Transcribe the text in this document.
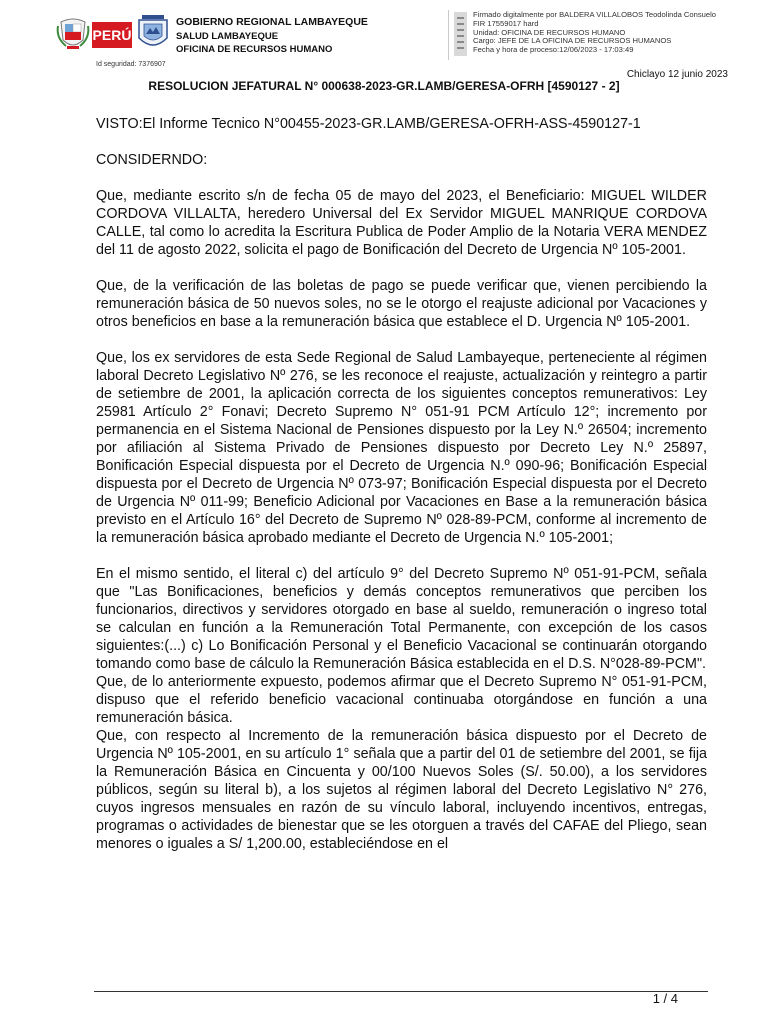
PERÚ
GOBIERNO REGIONAL LAMBAYEQUE
SALUD LAMBAYEQUE
OFICINA DE RECURSOS HUMANO
Firmado digitalmente por BALDERA VILLALOBOS Teodolinda Consuelo
FIR 17559017 hard
Unidad: OFICINA DE RECURSOS HUMANO
Cargo: JEFE DE LA OFICINA DE RECURSOS HUMANOS
Fecha y hora de proceso:12/06/2023 - 17:03:49
Id seguridad: 7376907
Chiclayo 12 junio 2023
RESOLUCION JEFATURAL N° 000638-2023-GR.LAMB/GERESA-OFRH [4590127 - 2]

VISTO:El Informe Tecnico N°00455-2023-GR.LAMB/GERESA-OFRH-ASS-4590127-1

CONSIDERNDO:

Que, mediante escrito s/n de fecha 05 de mayo del 2023, el Beneficiario: MIGUEL WILDER CORDOVA VILLALTA, heredero Universal del Ex Servidor MIGUEL MANRIQUE CORDOVA CALLE, tal como lo acredita la Escritura Publica de Poder Amplio de la Notaria VERA MENDEZ del 11 de agosto 2022, solicita el pago de Bonificación del Decreto de Urgencia Nº 105-2001.

Que, de la verificación de las boletas de pago se puede verificar que, vienen percibiendo la remuneración básica de 50 nuevos soles, no se le otorgo el reajuste adicional por Vacaciones y otros beneficios en base a la remuneración básica que establece el D. Urgencia Nº 105-2001.

Que, los ex servidores de esta Sede Regional de Salud Lambayeque, perteneciente al régimen laboral Decreto Legislativo Nº 276, se les reconoce el reajuste, actualización y reintegro a partir de setiembre de 2001, la aplicación correcta de los siguientes conceptos remunerativos: Ley 25981 Artículo 2° Fonavi; Decreto Supremo N° 051-91 PCM Artículo 12°; incremento por permanencia en el Sistema Nacional de Pensiones dispuesto por la Ley N.º 26504; incremento por afiliación al Sistema Privado de Pensiones dispuesto por Decreto Ley N.º 25897, Bonificación Especial dispuesta por el Decreto de Urgencia N.º 090-96; Bonificación Especial dispuesta por el Decreto de Urgencia Nº 073-97; Bonificación Especial dispuesta por el Decreto de Urgencia Nº 011-99; Beneficio Adicional por Vacaciones en Base a la remuneración básica previsto en el Artículo 16° del Decreto de Supremo Nº 028-89-PCM, conforme al incremento de la remuneración básica aprobado mediante el Decreto de Urgencia N.º 105-2001;

En el mismo sentido, el literal c) del artículo 9° del Decreto Supremo Nº 051-91-PCM, señala que "Las Bonificaciones, beneficios y demás conceptos remunerativos que perciben los funcionarios, directivos y servidores otorgado en base al sueldo, remuneración o ingreso total se calculan en función a la Remuneración Total Permanente, con excepción de los casos siguientes:(...) c) Lo Bonificación Personal y el Beneficio Vacacional se continuarán otorgando tomando como base de cálculo la Remuneración Básica establecida en el D.S. N°028-89-PCM".

Que, de lo anteriormente expuesto, podemos afirmar que el Decreto Supremo N° 051-91-PCM, dispuso que el referido beneficio vacacional continuaba otorgándose en función a una remuneración básica.

Que, con respecto al Incremento de la remuneración básica dispuesto por el Decreto de Urgencia Nº 105-2001, en su artículo 1° señala que a partir del 01 de setiembre del 2001, se fija la Remuneración Básica en Cincuenta y 00/100 Nuevos Soles (S/. 50.00), a los servidores públicos, según su literal b), a los sujetos al régimen laboral del Decreto Legislativo N° 276, cuyos ingresos mensuales en razón de su vínculo laboral, incluyendo incentivos, entregas, programas o actividades de bienestar que se les otorguen a través del CAFAE del Pliego, sean menores o iguales a S/ 1,200.00, estableciéndose en el

1 / 4
